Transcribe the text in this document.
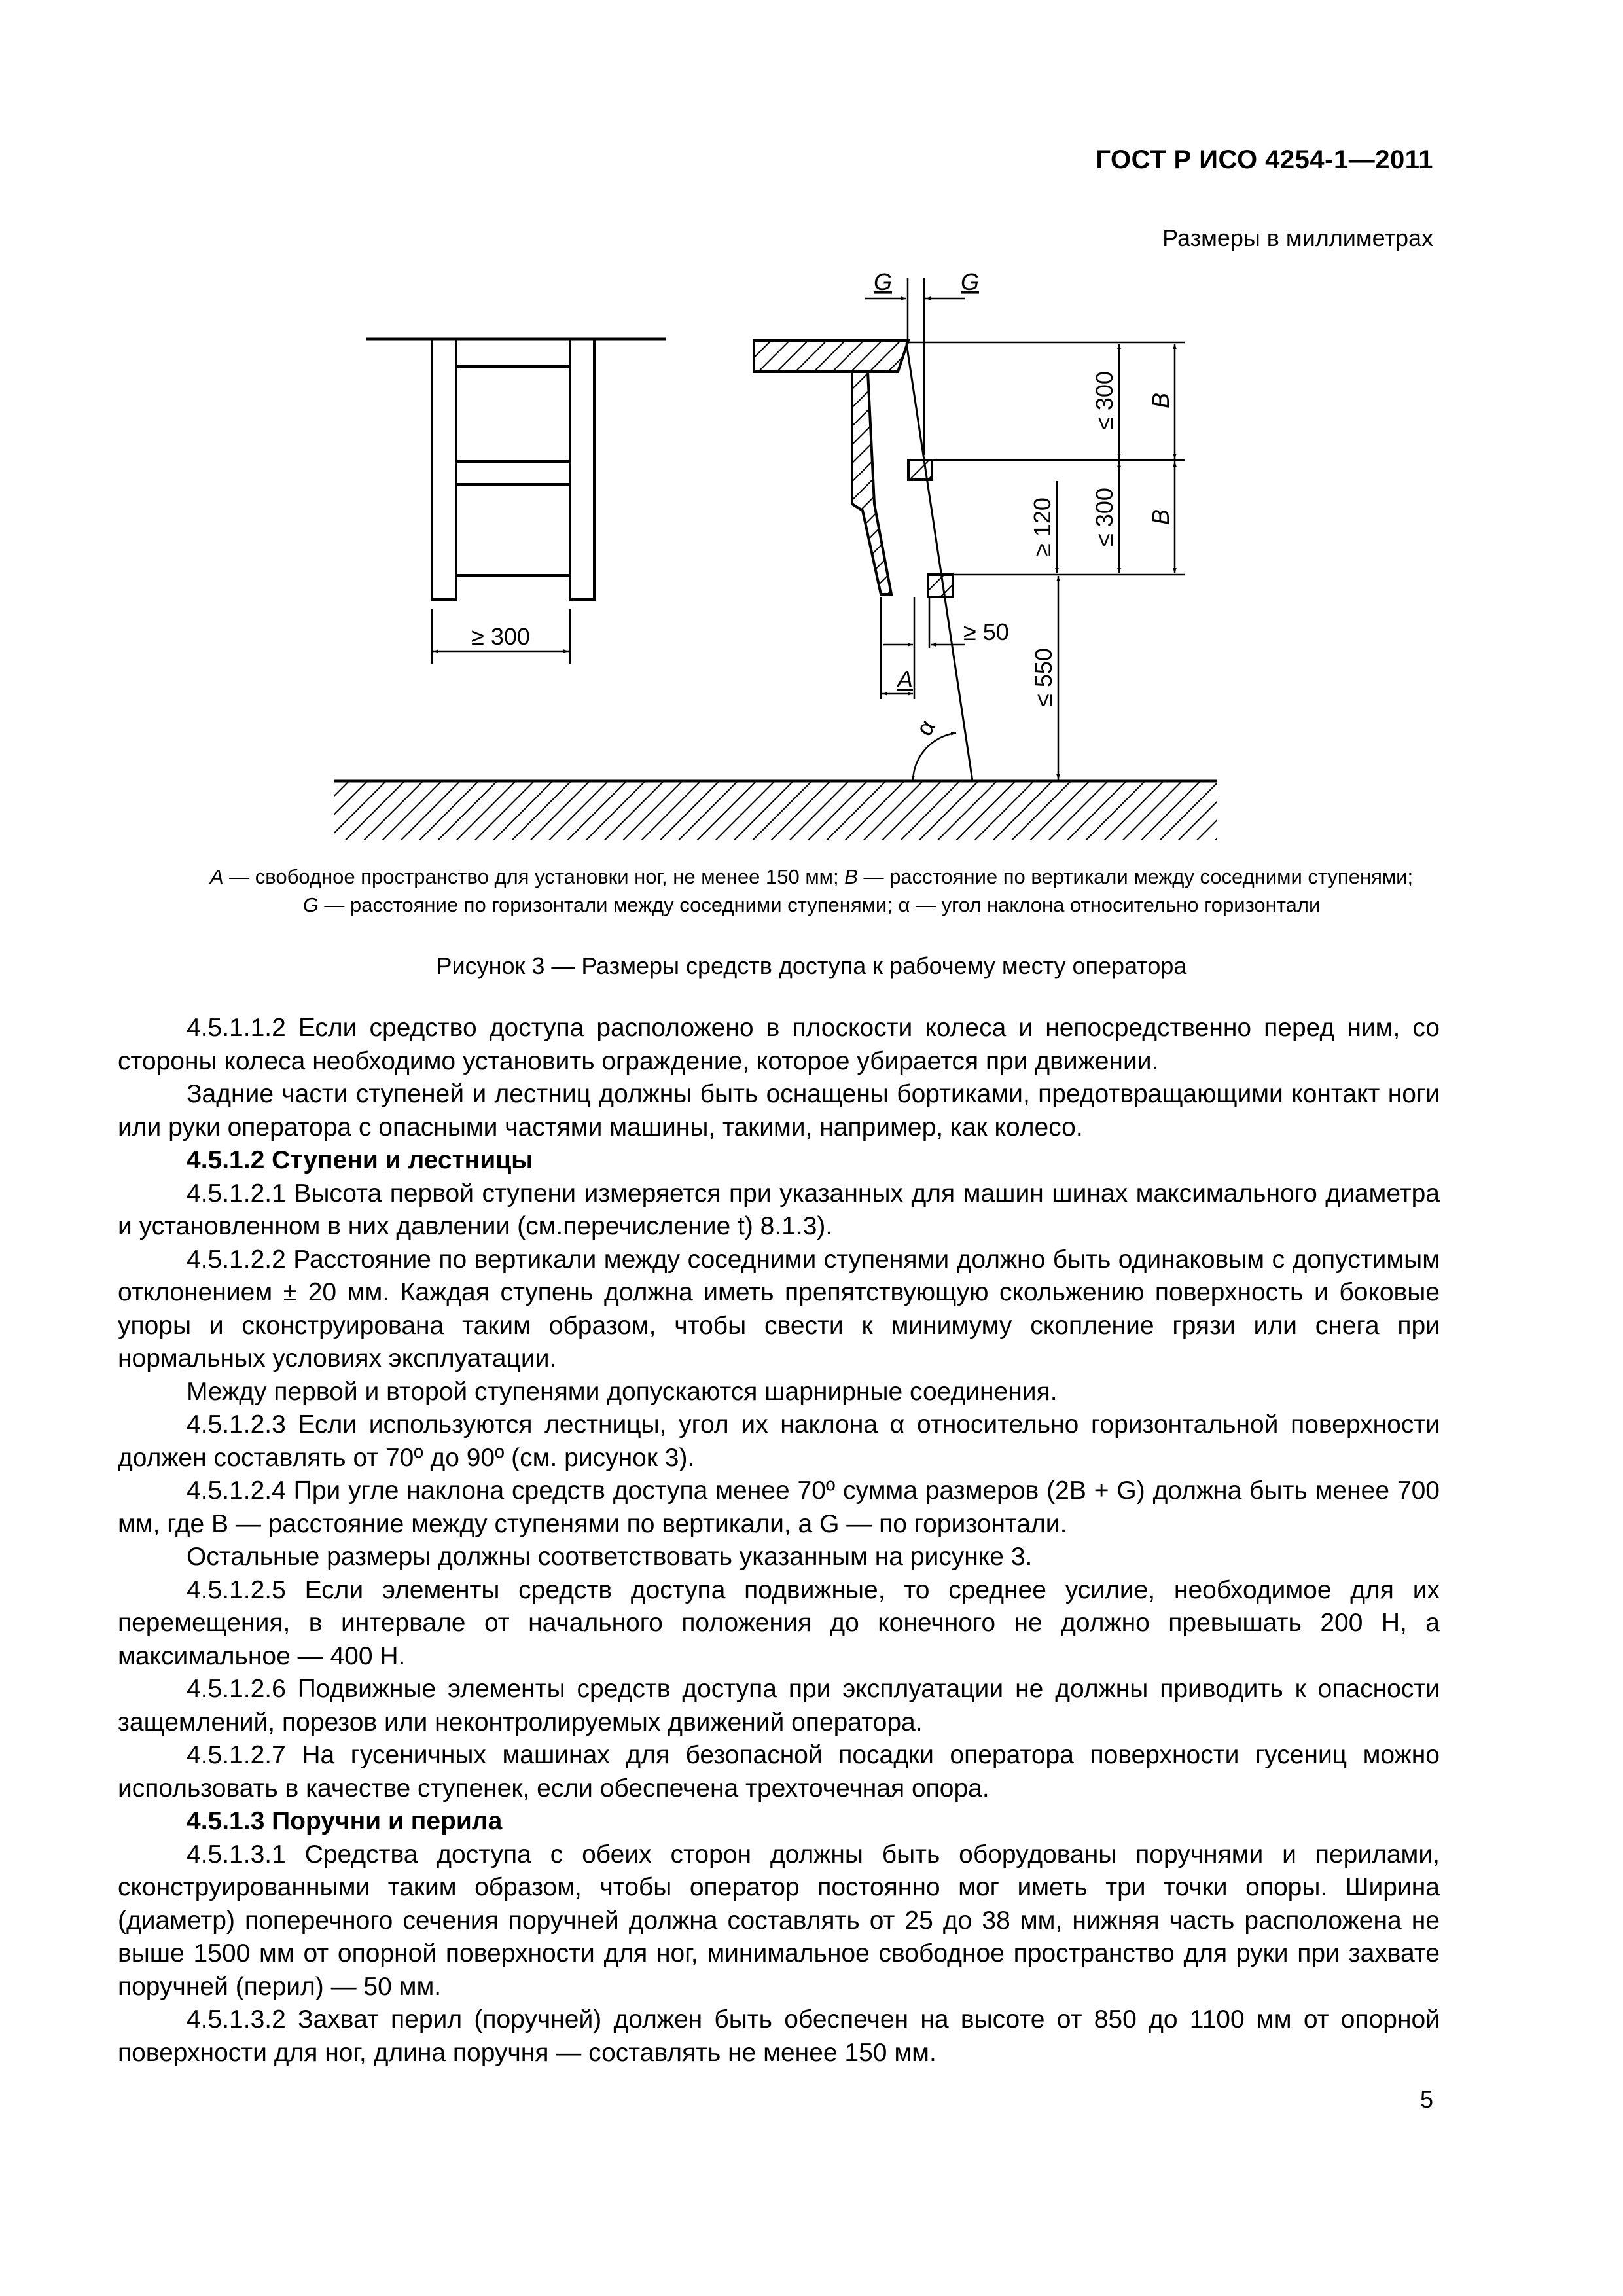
ГОСТ Р ИСО 4254-1—2011
Размеры в миллиметрах
≥ 300
G	G
≤ 300 B
≤ 300 B
≥ 120
≤ 550
≥ 50
A
α
A — свободное пространство для установки ног, не менее 150 мм; B — расстояние по вертикали между соседними ступенями;
G — расстояние по горизонтали между соседними ступенями; α — угол наклона относительно горизонтали
Рисунок 3 — Размеры средств доступа к рабочему месту оператора

4.5.1.1.2 Если средство доступа расположено в плоскости колеса и непосредственно перед ним, со стороны колеса необходимо установить ограждение, которое убирается при движении.

Задние части ступеней и лестниц должны быть оснащены бортиками, предотвращающими контакт ноги или руки оператора с опасными частями машины, такими, например, как колесо.

4.5.1.2 Ступени и лестницы

4.5.1.2.1 Высота первой ступени измеряется при указанных для машин шинах максимального диаметра и установленном в них давлении (см.перечисление t) 8.1.3).

4.5.1.2.2 Расстояние по вертикали между соседними ступенями должно быть одинаковым с допустимым отклонением ± 20 мм. Каждая ступень должна иметь препятствующую скольжению поверхность и боковые упоры и сконструирована таким образом, чтобы свести к минимуму скопление грязи или снега при нормальных условиях эксплуатации.

Между первой и второй ступенями допускаются шарнирные соединения.

4.5.1.2.3 Если используются лестницы, угол их наклона α относительно горизонтальной поверхности должен составлять от 70º до 90º (см. рисунок 3).

4.5.1.2.4 При угле наклона средств доступа менее 70º сумма размеров (2B + G) должна быть менее 700 мм, где B — расстояние между ступенями по вертикали, а G — по горизонтали.

Остальные размеры должны соответствовать указанным на рисунке 3.

4.5.1.2.5 Если элементы средств доступа подвижные, то среднее усилие, необходимое для их перемещения, в интервале от начального положения до конечного не должно превышать 200 Н, а максимальное — 400 Н.

4.5.1.2.6 Подвижные элементы средств доступа при эксплуатации не должны приводить к опасности защемлений, порезов или неконтролируемых движений оператора.

4.5.1.2.7 На гусеничных машинах для безопасной посадки оператора поверхности гусениц можно использовать в качестве ступенек, если обеспечена трехточечная опора.

4.5.1.3 Поручни и перила

4.5.1.3.1 Средства доступа с обеих сторон должны быть оборудованы поручнями и перилами, сконструированными таким образом, чтобы оператор постоянно мог иметь три точки опоры. Ширина (диаметр) поперечного сечения поручней должна составлять от 25 до 38 мм, нижняя часть расположена не выше 1500 мм от опорной поверхности для ног, минимальное свободное пространство для руки при захвате поручней (перил) — 50 мм.

4.5.1.3.2 Захват перил (поручней) должен быть обеспечен на высоте от 850 до 1100 мм от опорной поверхности для ног, длина поручня — составлять не менее 150 мм.

5
